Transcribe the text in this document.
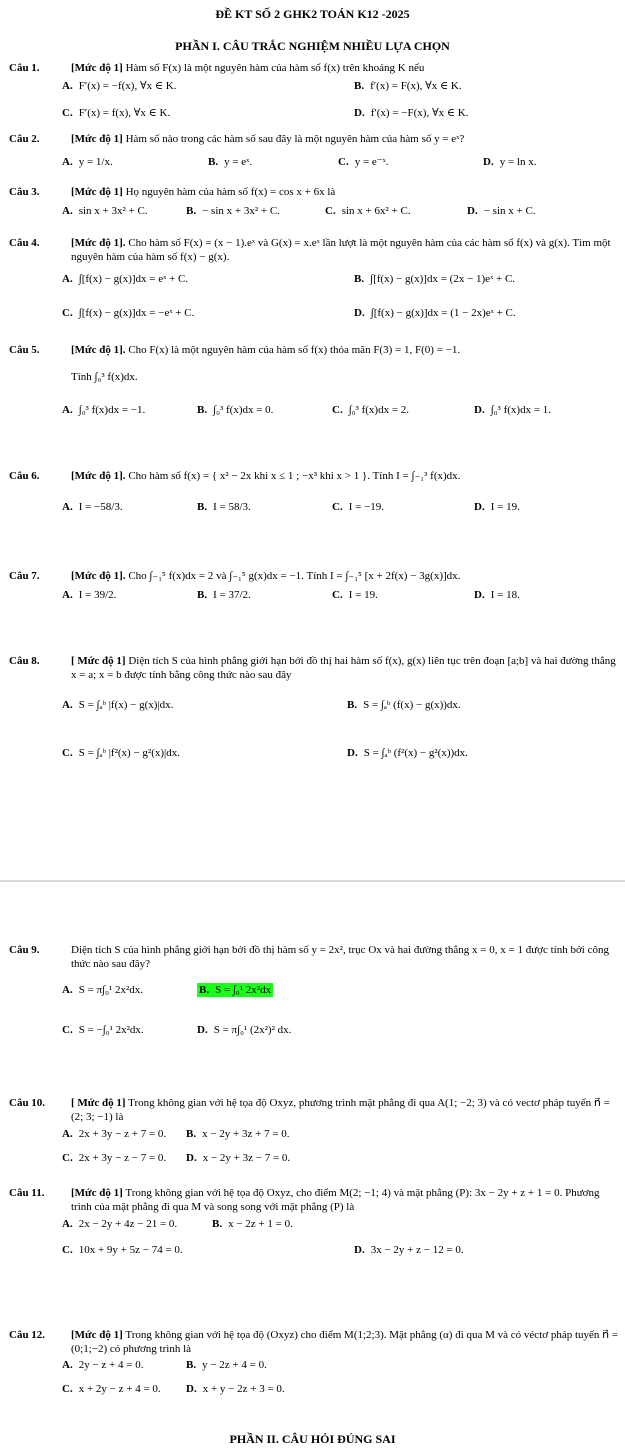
ĐỀ KT SỐ 2 GHK2 TOÁN K12 -2025
PHẦN I. CÂU TRẮC NGHIỆM NHIỀU LỰA CHỌN
Câu 1.	[Mức độ 1] Hàm số F(x) là một nguyên hàm của hàm số f(x) trên khoảng K nếu
A. F′(x) = −f(x), ∀x ∈ K.	B. f′(x) = F(x), ∀x ∈ K.
C. F′(x) = f(x), ∀x ∈ K.	D. f′(x) = −F(x), ∀x ∈ K.
Câu 2.	[Mức độ 1] Hàm số nào trong các hàm số sau đây là một nguyên hàm của hàm số y = eˣ?
A. y = 1/x.	B. y = eˣ.	C. y = e⁻ˣ.	D. y = ln x.
Câu 3.	[Mức độ 1] Họ nguyên hàm của hàm số f(x) = cos x + 6x là
A. sin x + 3x² + C.	B. − sin x + 3x² + C.	C. sin x + 6x² + C.	D. − sin x + C.
Câu 4.	[Mức độ 1]. Cho hàm số F(x) = (x − 1).eˣ và G(x) = x.eˣ lần lượt là một nguyên hàm của các hàm số f(x) và g(x). Tìm một nguyên hàm của hàm số f(x) − g(x).
A. ∫[f(x) − g(x)]dx = eˣ + C.	B. ∫[f(x) − g(x)]dx = (2x − 1)eˣ + C.
C. ∫[f(x) − g(x)]dx = −eˣ + C.	D. ∫[f(x) − g(x)]dx = (1 − 2x)eˣ + C.
Câu 5.	[Mức độ 1]. Cho F(x) là một nguyên hàm của hàm số f(x) thỏa mãn F(3) = 1, F(0) = −1.
Tính ∫₀³ f(x)dx.
A. ∫₀³ f(x)dx = −1.	B. ∫₀³ f(x)dx = 0.	C. ∫₀³ f(x)dx = 2.	D. ∫₀³ f(x)dx = 1.
Câu 6.	[Mức độ 1]. Cho hàm số f(x) = { x² − 2x khi x ≤ 1 ; −x³ khi x > 1 }. Tính I = ∫₋₁³ f(x)dx.
A. I = −58/3.	B. I = 58/3.	C. I = −19.	D. I = 19.
Câu 7.	[Mức độ 1]. Cho ∫₋₁⁵ f(x)dx = 2 và ∫₋₁⁵ g(x)dx = −1. Tính I = ∫₋₁⁵ [x + 2f(x) − 3g(x)]dx.
A. I = 39/2.	B. I = 37/2.	C. I = 19.	D. I = 18.
Câu 8.	[ Mức độ 1] Diện tích S của hình phẳng giới hạn bởi đồ thị hai hàm số f(x), g(x) liên tục trên đoạn [a;b] và hai đường thẳng x = a; x = b được tính bằng công thức nào sau đây
A. S = ∫ₐᵇ |f(x) − g(x)|dx.	B. S = ∫ₐᵇ (f(x) − g(x))dx.
C. S = ∫ₐᵇ |f²(x) − g²(x)|dx.	D. S = ∫ₐᵇ (f²(x) − g²(x))dx.
Câu 9.	Diện tích S của hình phẳng giới hạn bởi đồ thị hàm số y = 2x², trục Ox và hai đường thẳng x = 0, x = 1 được tính bởi công thức nào sau đây?
A. S = π∫₀¹ 2x²dx.	B. S = ∫₀¹ 2x²dx
C. S = −∫₀¹ 2x²dx.	D. S = π∫₀¹ (2x²)² dx.
Câu 10. [ Mức độ 1] Trong không gian với hệ tọa độ Oxyz, phương trình mặt phẳng đi qua A(1; −2; 3) và có vectơ pháp tuyến n⃗ = (2; 3; −1) là
A. 2x + 3y − z + 7 = 0. B. x − 2y + 3z + 7 = 0.
C. 2x + 3y − z − 7 = 0. D. x − 2y + 3z − 7 = 0.
Câu 11. [Mức độ 1] Trong không gian với hệ tọa độ Oxyz, cho điểm M(2; −1; 4) và mặt phẳng (P): 3x − 2y + z + 1 = 0. Phương trình của mặt phẳng đi qua M và song song với mặt phẳng (P) là
A. 2x − 2y + 4z − 21 = 0.	B. x − 2z + 1 = 0.
C. 10x + 9y + 5z − 74 = 0.	D. 3x − 2y + z − 12 = 0.
Câu 12. [Mức độ 1] Trong không gian với hệ tọa độ (Oxyz) cho điểm M(1;2;3). Mặt phẳng (α) đi qua M và có véctơ pháp tuyến n⃗ = (0;1;−2) có phương trình là
A. 2y − z + 4 = 0.	B. y − 2z + 4 = 0.
C. x + 2y − z + 4 = 0. D. x + y − 2z + 3 = 0.
PHẦN II. CÂU HỎI ĐÚNG SAI
